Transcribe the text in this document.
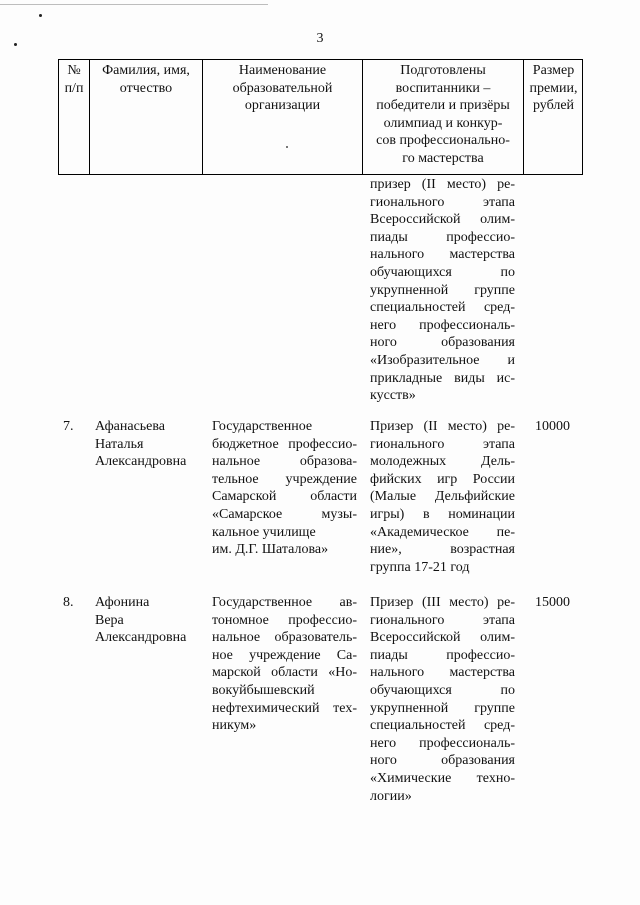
3
№
п/п
Фамилия, имя,
отчество
Наименование
образовательной
организации
Подготовлены
воспитанники –
победители и призёры
олимпиад и конкур-
сов профессионально-
го мастерства
Размер
премии,
рублей
призер (II место) ре-
гионального этапа
Всероссийской олим-
пиады профессио-
нального мастерства
обучающихся по
укрупненной группе
специальностей сред-
него профессиональ-
ного образования
«Изобразительное и
прикладные виды ис-
кусств»
7. Афанасьева
Наталья
Александровна
Государственное
бюджетное профессио-
нальное образова-
тельное учреждение
Самарской области
«Самарское музы-
кальное училище
им. Д.Г. Шаталова»
Призер (II место) ре-
гионального этапа
молодежных Дель-
фийских игр России
(Малые Дельфийские
игры) в номинации
«Академическое пе-
ние», возрастная
группа 17-21 год
10000
8. Афонина
Вера
Александровна
Государственное ав-
тономное профессио-
нальное образователь-
ное учреждение Са-
марской области «Но-
вокуйбышевский
нефтехимический тех-
никум»
Призер (III место) ре-
гионального этапа
Всероссийской олим-
пиады профессио-
нального мастерства
обучающихся по
укрупненной группе
специальностей сред-
него профессиональ-
ного образования
«Химические техно-
логии»
15000
